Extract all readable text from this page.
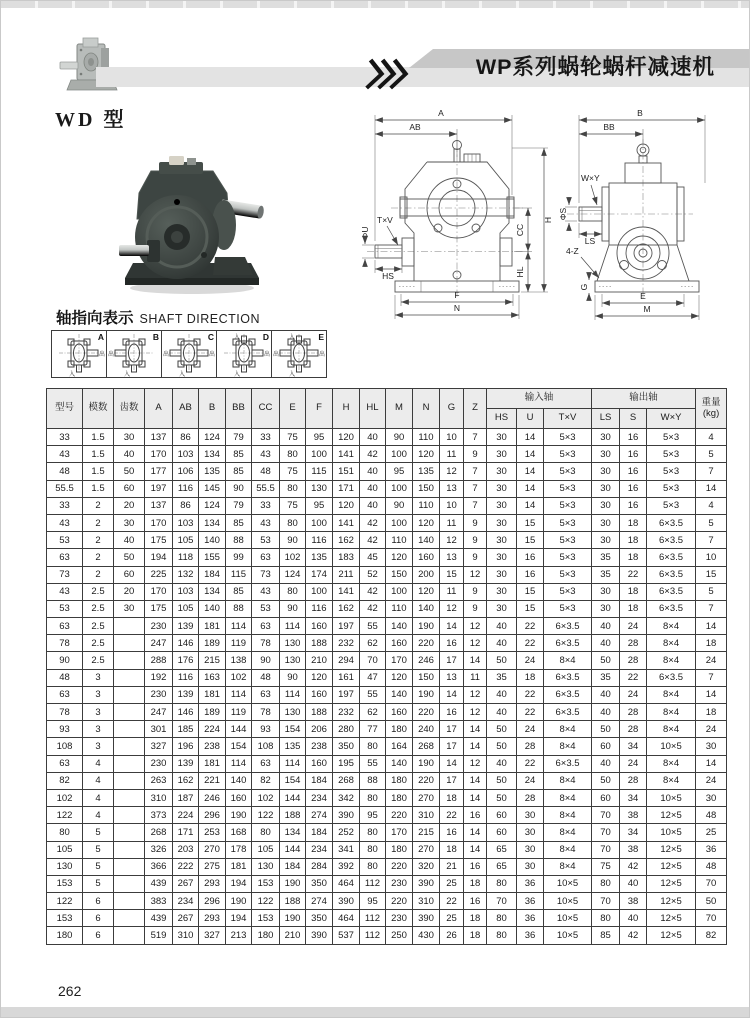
WP系列蜗轮蜗杆减速机
WD 型	A
AB
T×V
ΦU
HS
H
CC
HL
F
N
B
BB
W×Y
ΦS
LS
4-Z
G
E
M
轴指向表示 SHAFT DIRECTION
A
出
入
B
出
入
C
出
出
入
D
出
入
入	E
出
出
入
入
型号	模数	齿数	A	AB	B	BB	CC	E	F	H	HL	M	N	G	Z	输入轴			输出轴			重量
(kg)
																HS	U	T×V	LS	S	W×Y	
33	1.5	30	137	86	124	79	33	75	95	120	40	90	110	10	7	30	14	5×3	30	16	5×3	4
43	1.5	40	170	103	134	85	43	80	100	141	42	100	120	11	9	30	14	5×3	30	16	5×3	5
48	1.5	50	177	106	135	85	48	75	115	151	40	95	135	12	7	30	14	5×3	30	16	5×3	7
55.5	1.5	60	197	116	145	90	55.5	80	130	171	40	100	150	13	7	30	14	5×3	30	16	5×3	14
33	2	20	137	86	124	79	33	75	95	120	40	90	110	10	7	30	14	5×3	30	16	5×3	4
43	2	30	170	103	134	85	43	80	100	141	42	100	120	11	9	30	15	5×3	30	18	6×3.5	5
53	2	40	175	105	140	88	53	90	116	162	42	110	140	12	9	30	15	5×3	30	18	6×3.5	7
63	2	50	194	118	155	99	63	102	135	183	45	120	160	13	9	30	16	5×3	35	18	6×3.5	10
73	2	60	225	132	184	115	73	124	174	211	52	150	200	15	12	30	16	5×3	35	22	6×3.5	15
43	2.5	20	170	103	134	85	43	80	100	141	42	100	120	11	9	30	15	5×3	30	18	6×3.5	5
53	2.5	30	175	105	140	88	53	90	116	162	42	110	140	12	9	30	15	5×3	30	18	6×3.5	7
63	2.5		230	139	181	114	63	114	160	197	55	140	190	14	12	40	22	6×3.5	40	24	8×4	14
78	2.5		247	146	189	119	78	130	188	232	62	160	220	16	12	40	22	6×3.5	40	28	8×4	18
90	2.5		288	176	215	138	90	130	210	294	70	170	246	17	14	50	24	8×4	50	28	8×4	24
48	3		192	116	163	102	48	90	120	161	47	120	150	13	11	35	18	6×3.5	35	22	6×3.5	7
63	3		230	139	181	114	63	114	160	197	55	140	190	14	12	40	22	6×3.5	40	24	8×4	14
78	3		247	146	189	119	78	130	188	232	62	160	220	16	12	40	22	6×3.5	40	28	8×4	18
93	3		301	185	224	144	93	154	206	280	77	180	240	17	14	50	24	8×4	50	28	8×4	24
108	3		327	196	238	154	108	135	238	350	80	164	268	17	14	50	28	8×4	60	34	10×5	30
63	4		230	139	181	114	63	114	160	195	55	140	190	14	12	40	22	6×3.5	40	24	8×4	14
82	4		263	162	221	140	82	154	184	268	88	180	220	17	14	50	24	8×4	50	28	8×4	24
102	4		310	187	246	160	102	144	234	342	80	180	270	18	14	50	28	8×4	60	34	10×5	30
122	4		373	224	296	190	122	188	274	390	95	220	310	22	16	60	30	8×4	70	38	12×5	48
80	5		268	171	253	168	80	134	184	252	80	170	215	16	14	60	30	8×4	70	34	10×5	25
105	5		326	203	270	178	105	144	234	341	80	180	270	18	14	65	30	8×4	70	38	12×5	36
130	5		366	222	275	181	130	184	284	392	80	220	320	21	16	65	30	8×4	75	42	12×5	48
153	5		439	267	293	194	153	190	350	464	112	230	390	25	18	80	36	10×5	80	40	12×5	70
122	6		383	234	296	190	122	188	274	390	95	220	310	22	16	70	36	10×5	70	38	12×5	50
153	6		439	267	293	194	153	190	350	464	112	230	390	25	18	80	36	10×5	80	40	12×5	70
180	6		519	310	327	213	180	210	390	537	112	250	430	26	18	80	36	10×5	85	42	12×5	82
262
